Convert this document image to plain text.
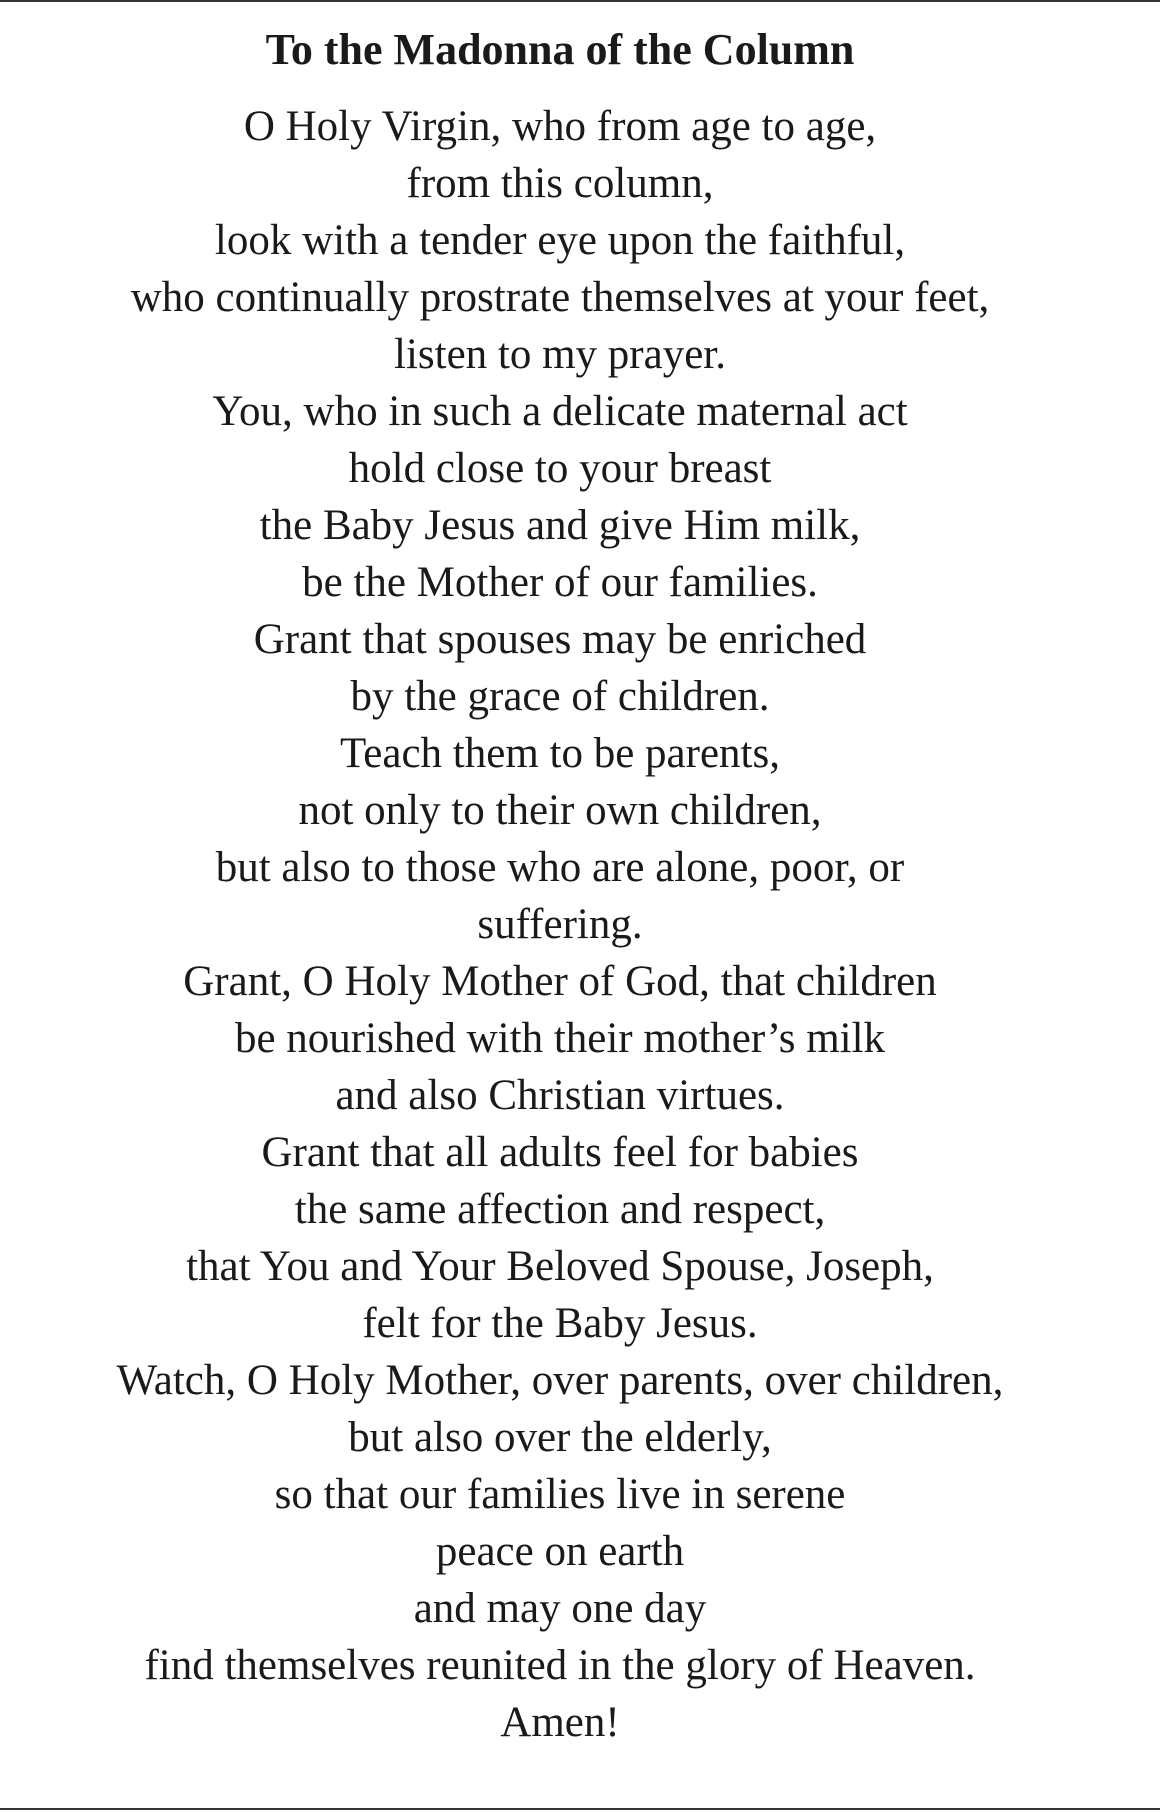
To the Madonna of the Column
O Holy Virgin, who from age to age,
from this column,
look with a tender eye upon the faithful,
who continually prostrate themselves at your feet,
listen to my prayer.
You, who in such a delicate maternal act
hold close to your breast
the Baby Jesus and give Him milk,
be the Mother of our families.
Grant that spouses may be enriched
by the grace of children.
Teach them to be parents,
not only to their own children,
but also to those who are alone, poor, or
suffering.
Grant, O Holy Mother of God, that children
be nourished with their mother’s milk
and also Christian virtues.
Grant that all adults feel for babies
the same affection and respect,
that You and Your Beloved Spouse, Joseph,
felt for the Baby Jesus.
Watch, O Holy Mother, over parents, over children,
but also over the elderly,
so that our families live in serene
peace on earth
and may one day
find themselves reunited in the glory of Heaven.
Amen!
